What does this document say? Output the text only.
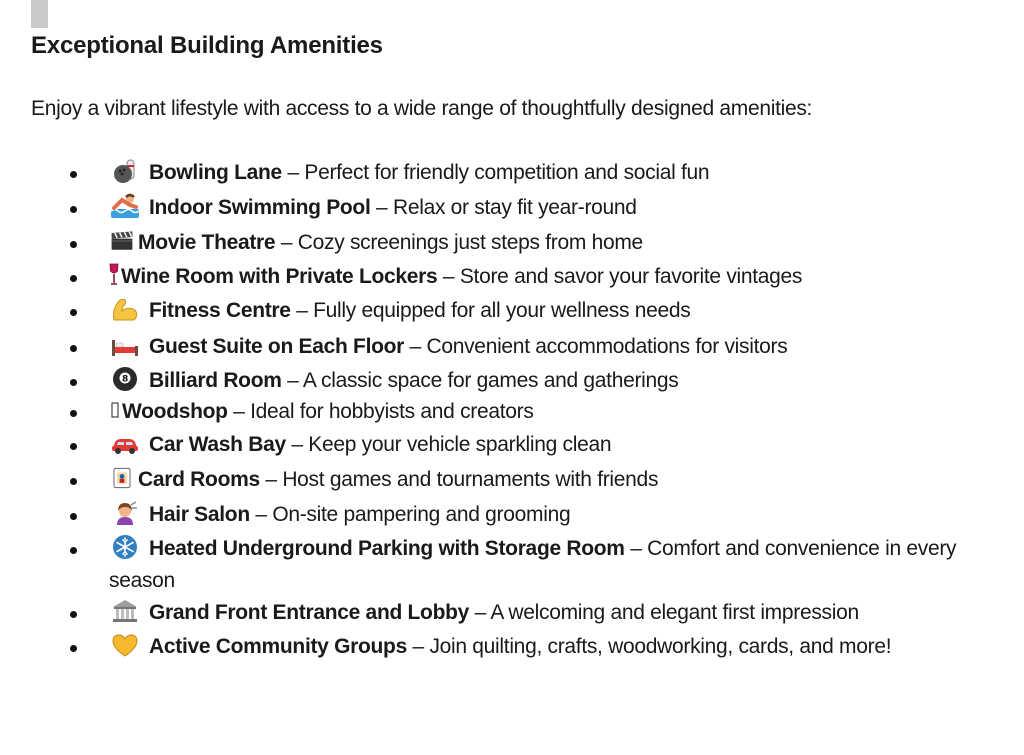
Exceptional Building Amenities

Enjoy a vibrant lifestyle with access to a wide range of thoughtfully designed amenities:

Bowling Lane – Perfect for friendly competition and social fun
Indoor Swimming Pool – Relax or stay fit year-round
Movie Theatre – Cozy screenings just steps from home
Wine Room with Private Lockers – Store and savor your favorite vintages
Fitness Centre – Fully equipped for all your wellness needs
Guest Suite on Each Floor – Convenient accommodations for visitors
8 Billiard Room – A classic space for games and gatherings
Woodshop – Ideal for hobbyists and creators
Car Wash Bay – Keep your vehicle sparkling clean
Card Rooms – Host games and tournaments with friends
Hair Salon – On-site pampering and grooming
Heated Underground Parking with Storage Room – Comfort and convenience in every
season
Grand Front Entrance and Lobby – A welcoming and elegant first impression
Active Community Groups – Join quilting, crafts, woodworking, cards, and more!
